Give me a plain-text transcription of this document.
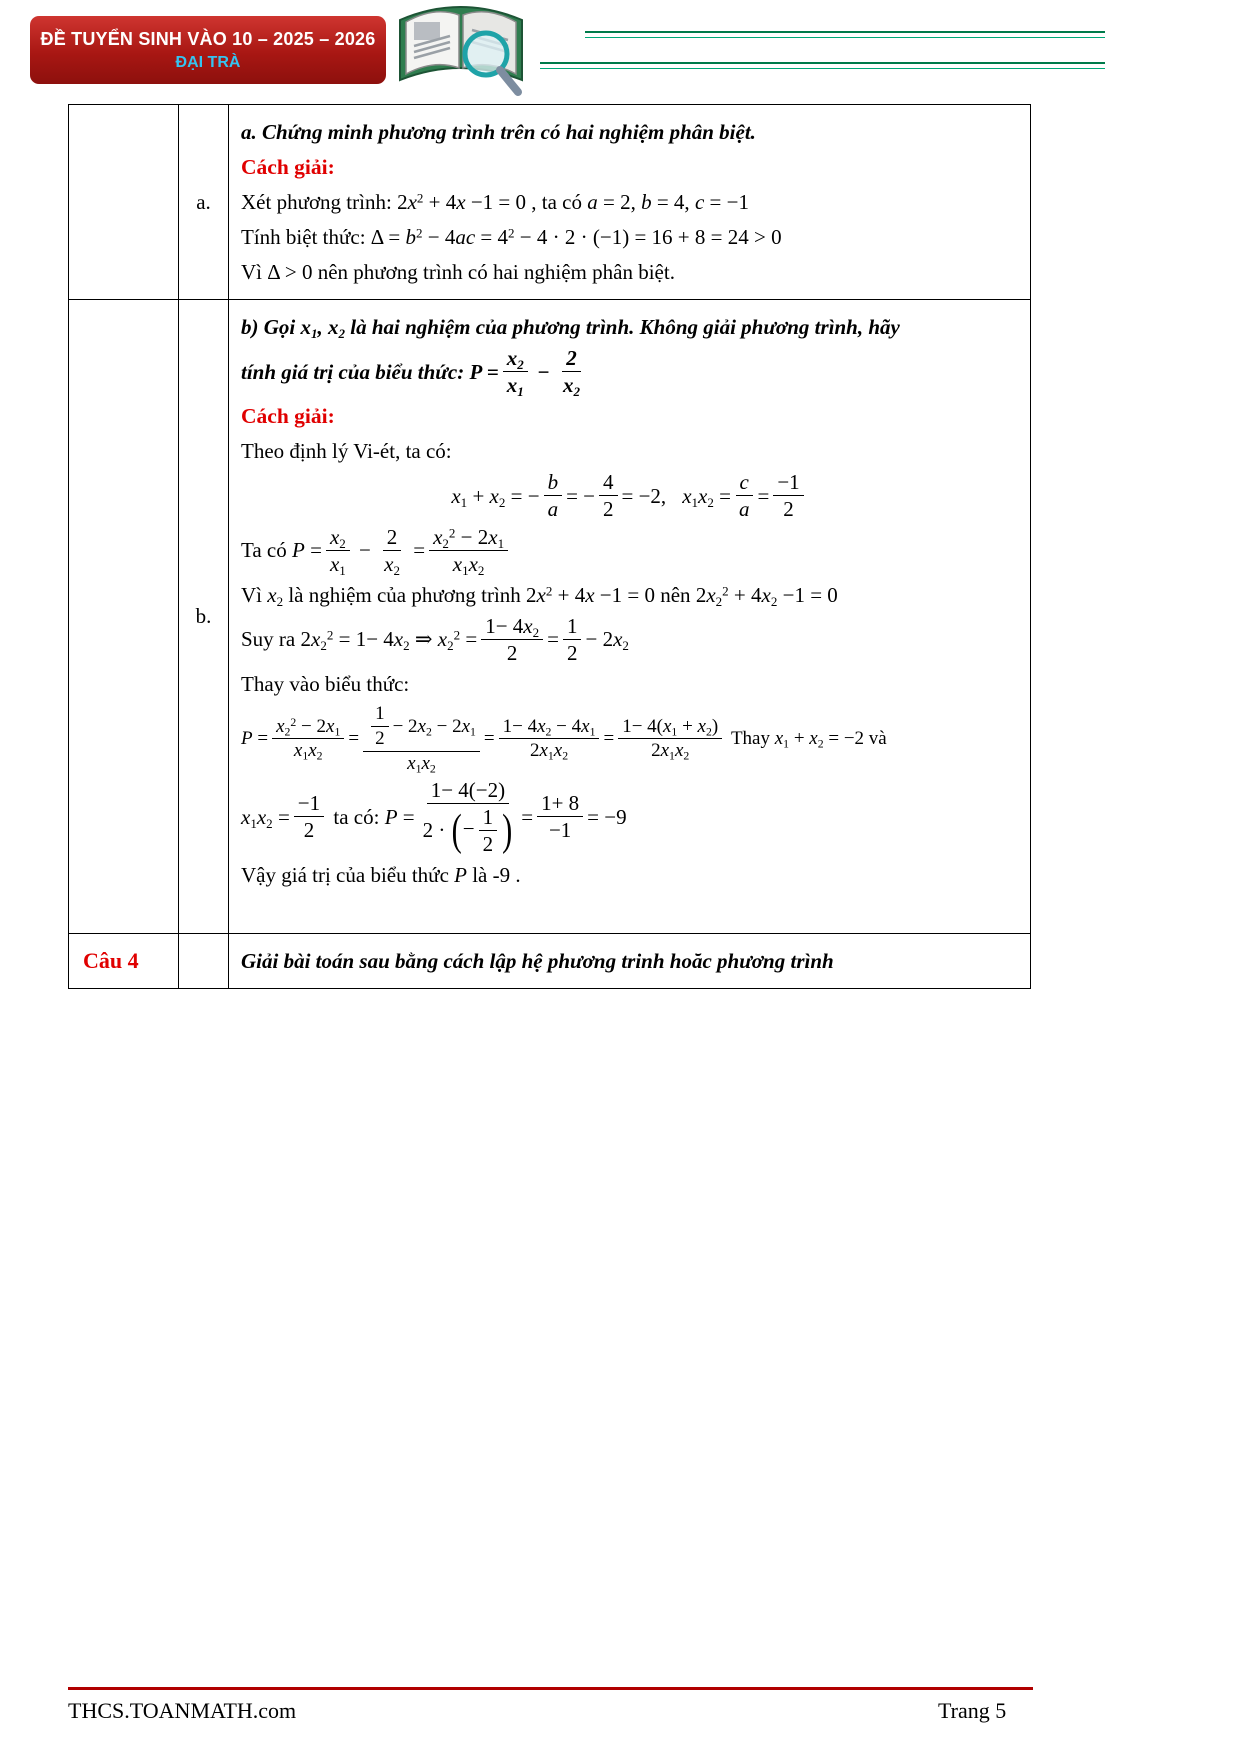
ĐỀ TUYỂN SINH VÀO 10 – 2025 – 2026
ĐẠI TRÀ
a.
a. Chứng minh phương trình trên có hai nghiệm phân biệt.
Cách giải:
Xét phương trình: $2x^2 + 4x -1 = 0$ , ta có a = 2, b = 4, c = −1
Tính biệt thức: $\Delta = b^2 - 4ac = 4^2 - 4 \cdot 2 \cdot (-1) = 16 + 8 = 24 > 0$
Vì Δ > 0 nên phương trình có hai nghiệm phân biệt.
b.
b) Gọi $x_1$, $x_2$ là hai nghiệm của phương trình. Không giải phương trình, hãy
tính giá trị của biểu thức: $P = \frac{x_2}{x_1} - \frac{2}{x_2}$
Cách giải:
Theo định lý Vi-ét, ta có:
$x_1 + x_2$ = − $\frac{b}{a}$ = − $\frac{4}{2} = -2$, $x_1x_2 = \frac{c}{a} = \frac{-1}{2}$
Ta có $P = \frac{x_2}{x_1} - \frac{2}{x_2} = \frac{x_2^2 - 2x_1}{x_1x_2}$
Vì $x_2$ là nghiệm của phương trình $2x^2 + 4x -1 = 0$ nên $2x_2^2 + 4x_2 -1 = 0$
Suy ra $2x_2^2 = 1- 4x_2$ ⇒ $x_2^2 = \frac{1- 4x_2}{2} = \frac{1}{2} - 2x_2$
Thay vào biểu thức:
$P = \frac{x_2^2 - 2x_1}{x_1x_2} = \frac{\frac{1}{2} - 2x_2 - 2x_1}{x_1x_2} = \frac{1- 4x_2 - 4x_1}{2x_1x_2} = \frac{1- 4(x_1 + x_2)}{2x_1x_2}$ Thay $x_1 + x_2 = -2$ và
$x_1x_2 = \frac{-1}{2}$ ta có: $P = \frac{1- 4(-2)}{2 \cdot ( - \frac{1}{2} )} = \frac{1+ 8}{-1} = -9$
Vậy giá trị của biểu thức P là -9 .
Câu 4	Giải bài toán sau bằng cách lập hệ phương trinh hoăc phương trình
THCS.TOANMATH.com	Trang 5
